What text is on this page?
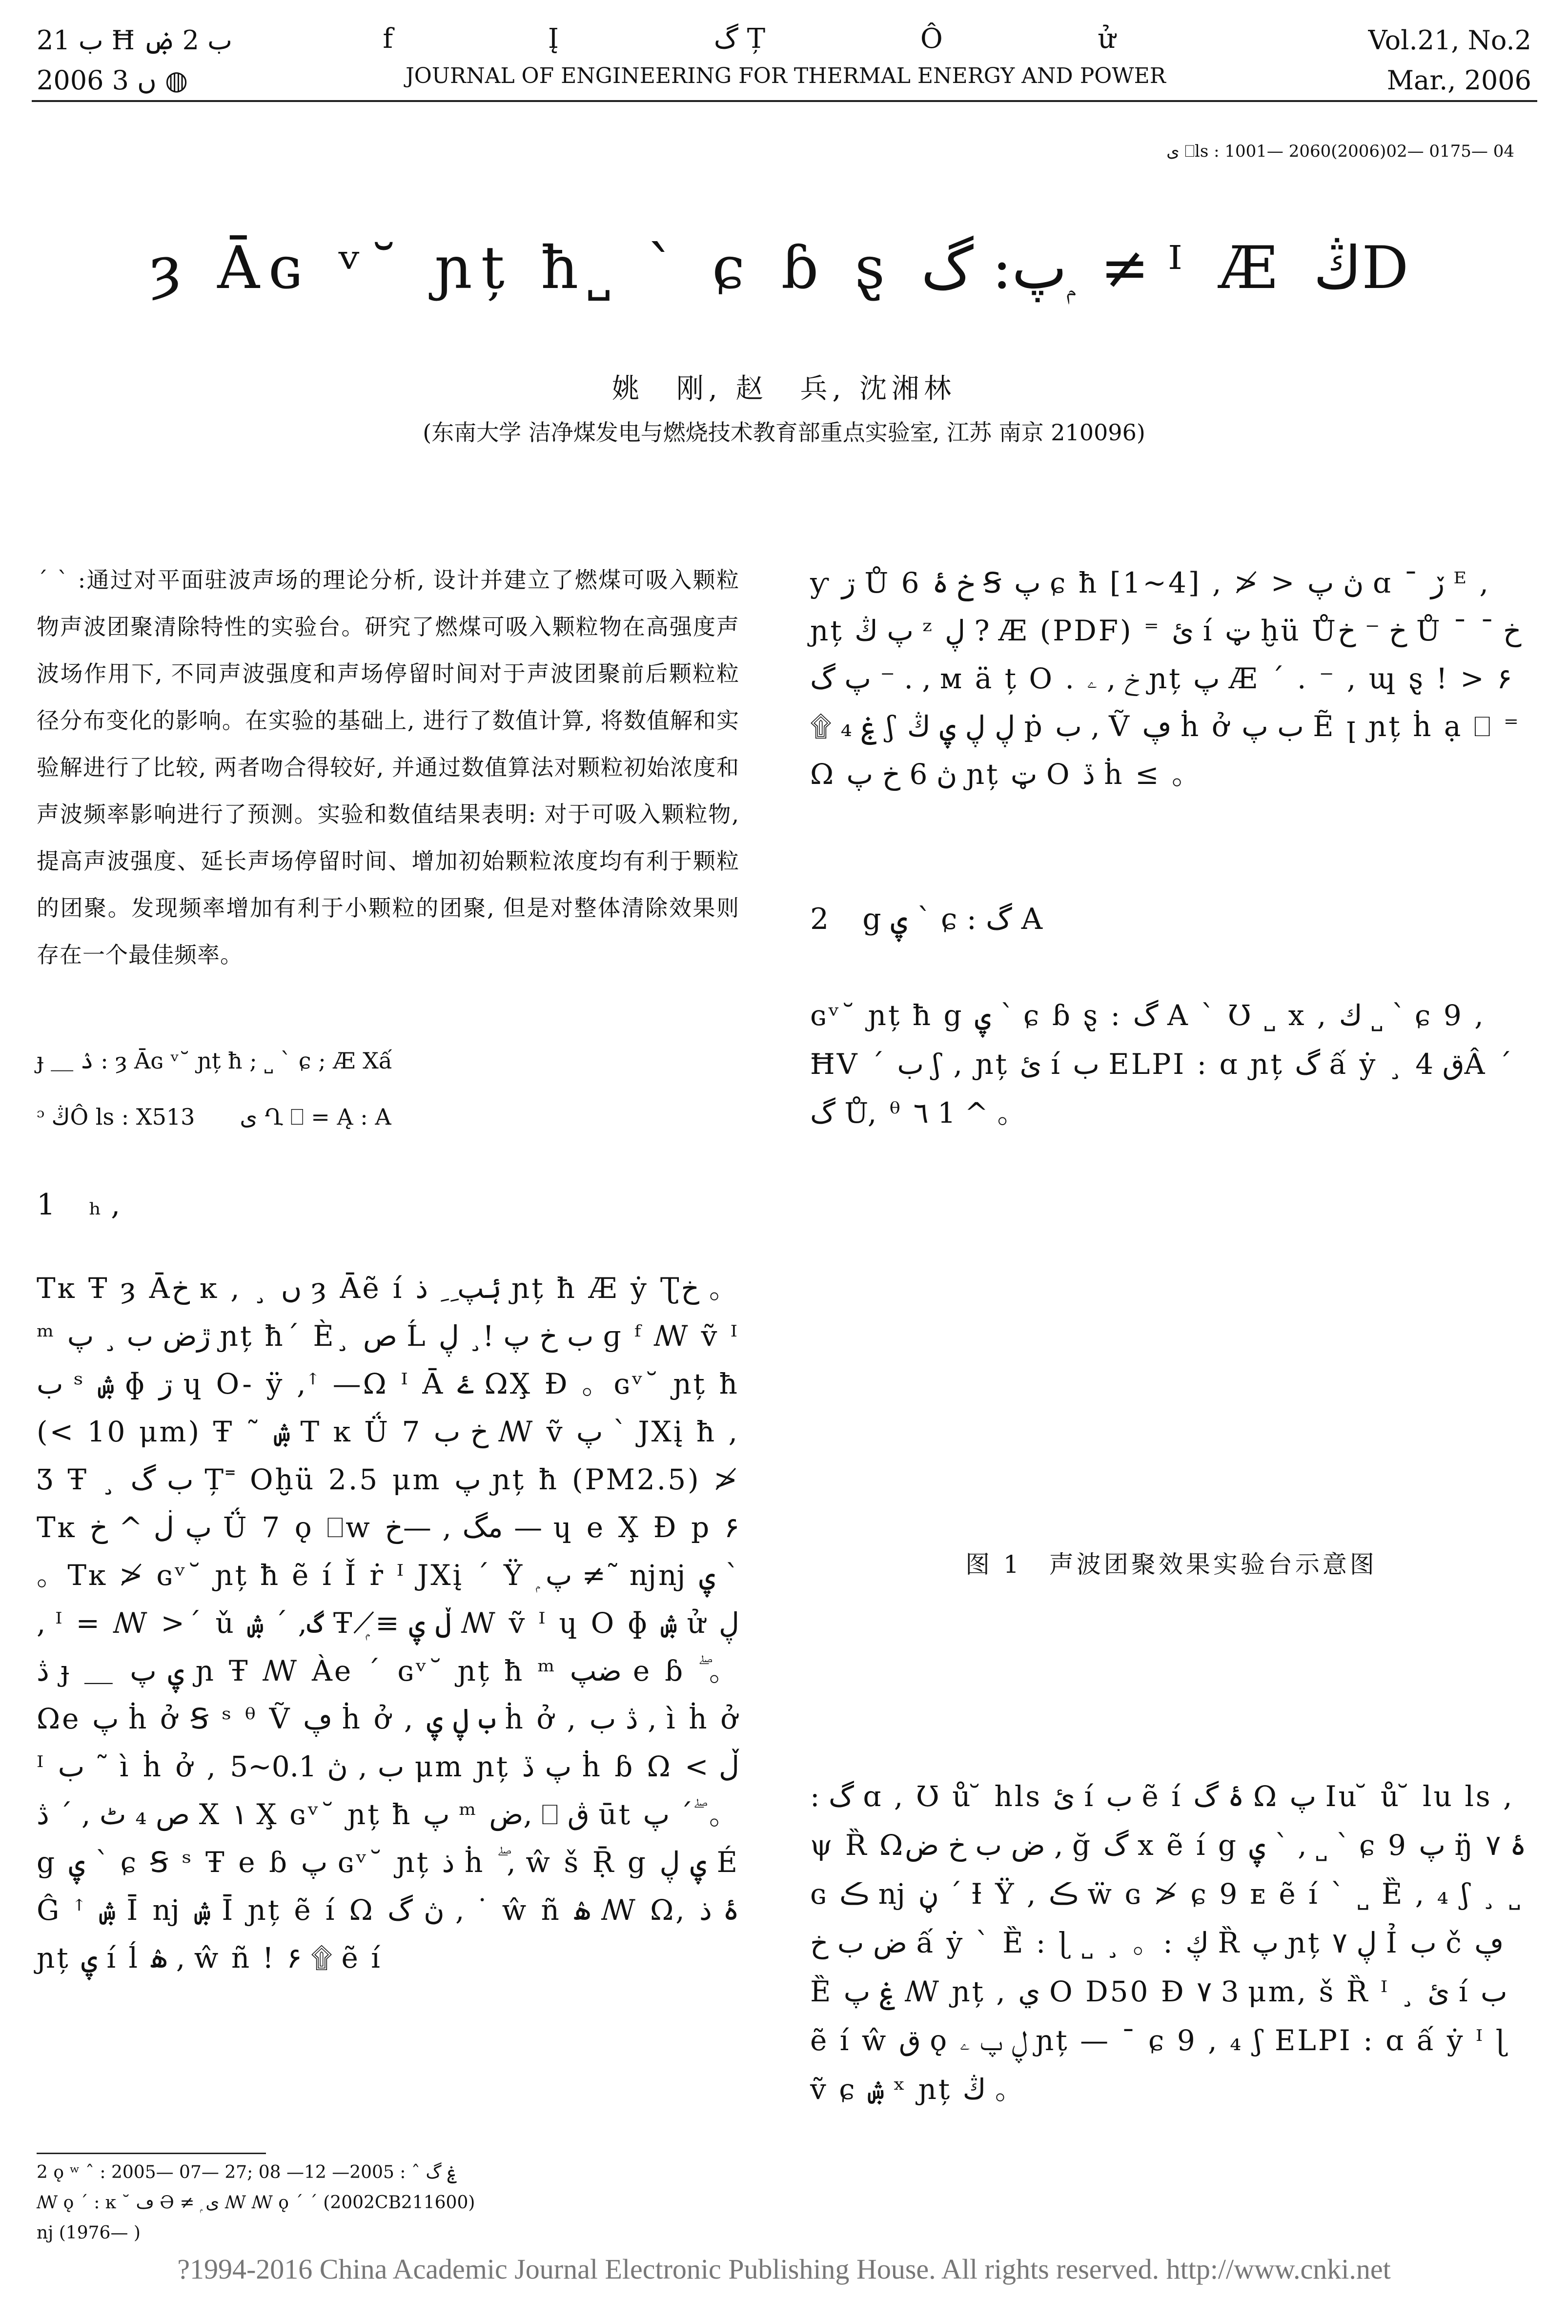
ب 21 Ħ ب 2 ۻ
2006 ں 3 ◍
f Į گ Ț Ô ử
JOURNAL OF ENGINEERING FOR THERMAL ENERGY AND POWER
Vol.21, No.2
Mar., 2006
ى ⎕ls : 1001— 2060(2006)02— 0175— 04
ȝ Āɢ ᵛ˘ ɲț ħ˽ ˋ ɕ ɓ ȿ پ: گ ۭ ≠ ᴵ Æ ڭD
姚　刚, 赵　兵, 沈湘林
(东南大学 洁净煤发电与燃烧技术教育部重点实验室, 江苏 南京 210096)

ˊ ˋ :通过对平面驻波声场的理论分析, 设计并建立了燃煤可吸入颗粒物声波团聚清除特性的实验台。研究了燃煤可吸入颗粒物在高强度声波场作用下, 不同声波强度和声场停留时间对于声波团聚前后颗粒粒径分布变化的影响。在实验的基础上, 进行了数值计算, 将数值解和实验解进行了比较, 两者吻合得较好, 并通过数值算法对颗粒初始浓度和声波频率影响进行了预测。实验和数值结果表明: 对于可吸入颗粒物, 提高声波强度、延长声场停留时间、增加初始颗粒浓度均有利于颗粒的团聚。发现频率增加有利于小颗粒的团聚, 但是对整体清除效果则存在一个最佳频率。

ɟ ＿ ۮ : ȝ Āɢ ᵛ˘ ɲț ħ ; ˽ ˋ ɕ ; Æ Xấ
ᵓ ڭÔ ls : X513　　ى Ղ ⎕ = Ą : A
1 ₕ ,
Tĸ Ŧ ȝ Āخ ĸ , ¸ ں ȝ Āẽ í ۂپ ِ ِ ذ ɲț ħ Æ ẏ Ʈخ 。ᵐ ڙض ب ¸ پ ɲț ħˊ È¸ ص Ĺ ب خ پ !¸ ڸ ɡ ᶠ ꟿ ṽ ᴵ ب ˢ ۺ ɸ ڗ ɥ O- ÿ ,ꜛ —Ω ᴵ Ā ۓ ΩX̧ Ɖ 。ɢᵛ˘ ɲț ħ (< 10 μm) Ŧ ˜ ۺ T ĸ Ǘ 7 خ ب ꟿ ṽ پ ˋ JXį ħ , Ʒ Ŧ ¸ ب گ Ț˭ Oḫü 2.5 μm پ ɲț ħ (PM2.5) ≯ Tĸ پ ڶ ^ خ Ǘ 7 ǫ ⎕w مگ , —خ — ɥ e X̧ Ɖ p ۶ 。Tĸ ≯ ɢᵛ˘ ɲț ħ ẽ í Ǐ ṙ ᴵ JXį ˊ Ÿ ۭ پ ≠˜ ǌǌ ۑ ˋ , ᴵ = ꟿ >ˊ ǔ گ, ˊ ۺ Ŧ ۭ ≢ ڵ ۑ ꟿ ṽ ᴵ ɥ O ɸ ۺ ử ڸ ڎ ɟ ＿ ۑ پ ɲ Ŧ ꟿ Àe ˊ ɢᵛ˘ ɲț ħ ᵐ ضپ e ɓ ۖ 。Ωe پ ḣ ở Ꞩ ˢ ᶿ Ṽ ڥ ḣ ở , ب ڸ ۑ ḣ ở , ڎ ب , ì ḣ ở ᴵ ب ˜ ì ḣ ở , ب , ڽ 0.1~5 μm ɲț پ ڏ ḣ ɓ Ω ڵ > ص ₄ ٹ , ˊ ڎ X ١ X̧ ɢᵛ˘ ɲț ħ پ ᵐ ض, ⎕ ڨ ūt پ ˊ ۖ 。g ۑ ˋ ɕ Ꞩ ˢ Ŧ e ɓ پ ɢᵛ˘ ɲț ذ ḣ ۖ , ŵ š Ṝ g ۑ ڸ É Ĝ ꜛ ۺ Ī ǌ ۺ Ī ɲț ẽ í Ω ڽ گ , ˙ ŵ ñ ۿ ꟿ Ω, ۂ ذ ɲț ۑ í ĺ ۿ , ŵ ñ ! ۶ ۩ ẽ í
ƴ ڗ Ů 6 خ ۂ Ꞩ پ ɕ ħ [1~4] , ≯ > ڽ پ ɑ ˉ ڒ ᴱ , ɲț پ ڭ ᶻ ڸ ? Æ (PDF) ⁼ ئ í ټ ḫü Ůخ ⁻ خ Ů ˉ خ ˉ پ گ ⁻ . , ᴍ ä ț O . خ , ۦ ɲț پ Æ ˊ . ⁻ , ɰ ȿ ! > ۶ ۩ ۼ ₄ ʃ ڸ ڸ ۑ ڭ ṗ ب , Ṽ ڥ ḣ ở ب پ Ẽ ꞁ ɲț ḣ ạ ⎕ ⁼ Ω ڽ 6 خ پ ɲț ټ O ڏ ḣ ≤ 。
2 g ۑ ˋ ɕ : گ A
ɢᵛ˘ ɲț ħ g ۑ ˋ ɕ ɓ ȿ : گ A ˋ Ʊ ˽ x , ك ˽ ˋ ɕ 9 , ĦV ˊ ب ʃ , ɲț ئ í ب ELPI : ɑ ɲț گ ấ ẏ ¸ ق 4Â ˊ گ Ů, ᶿ ٦ 1 ^ 。
图 1　声波团聚效果实验台示意图
: گ ɑ , Ʊ ů ̆ hls ئ í ب ẽ í ۂ گ Ω پ Iu ̆ ů ̆ lu ls , ψ Ȑ Ωض ب خ ض , ğ گ x ẽ í g ۑ ˋ , ˽ ˋ ɕ 9 پ ŋ̈ ۂ ۷ ɢ ڪ ǌ ڼ ˊ Ɨ Ÿ , ڪ ẅ ɢ ≯ ɕ 9 ᴇ ẽ í ˋ ˽ Ȅ , ₄ ʃ ¸ ˽ ض ب خ ấ ẏ ˋ Ȅ : ɭ ˽ ¸ 。: ڮ Ȑ پ ɲț ۷ ڸ Ỉ ب č ڥ Ȅ ۼ پ ꟿ ɲț , ي O D50 Ɖ ۷ 3 μm, š Ȑ ᴵ ¸ ئ í ب ẽ í ŵ ق ǫ ڸ پ ۦ ɲț — ˉ ɕ 9 , ₄ ʃ ELPI : ɑ ấ ẏ ᴵ ɭ ṽ ɕ ۺ ˣ ɲț ڭ 。
2 ǫ ʷ ˆ : 2005— 07— 27; ۼ گ ˆ : 2005— 12— 08
ꟿ ǫ ˊ : ĸ ˘ ڡ Ә ≠ ۭ ى ꟿ ꟿ ǫ ˊ ˊ (2002CB211600)
ǌ (1976— )
?1994-2016 China Academic Journal Electronic Publishing House. All rights reserved. http://www.cnki.net
